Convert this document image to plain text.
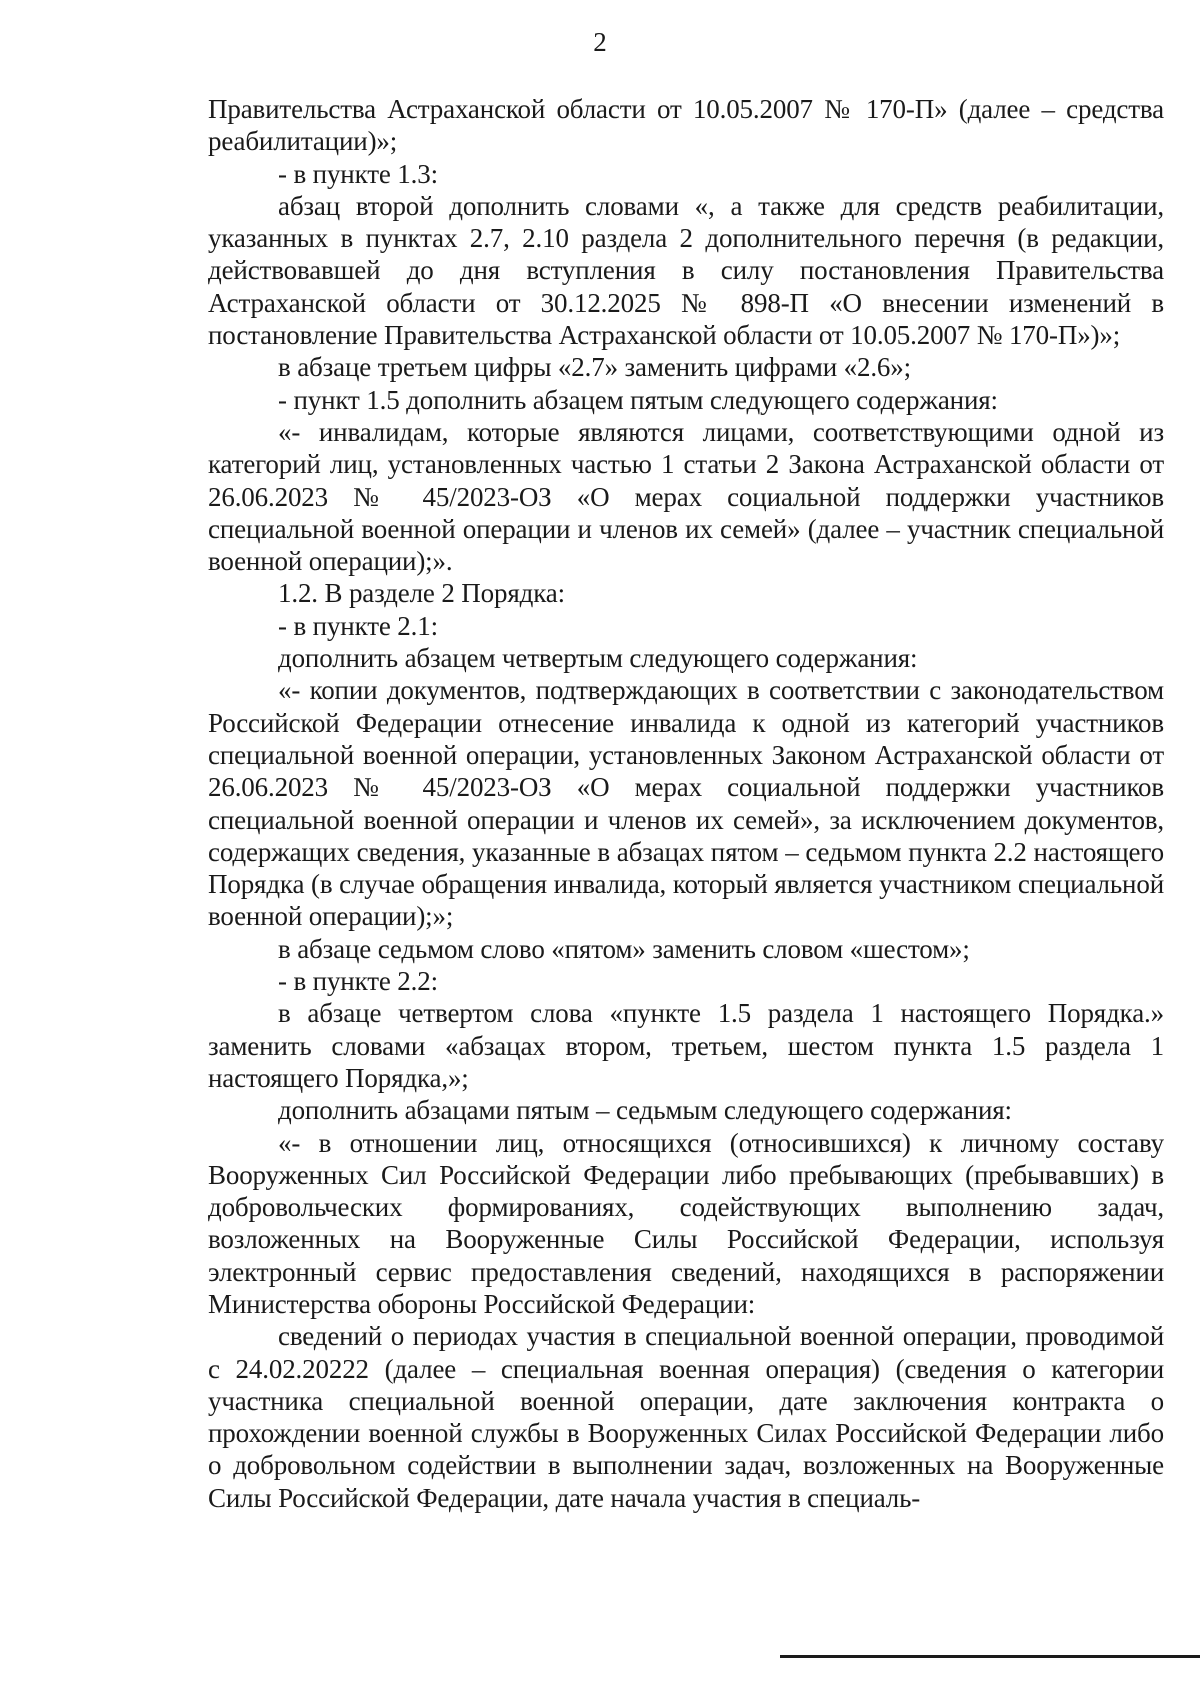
2

Правительства Астраханской области от 10.05.2007 № 170-П» (далее – средства реабилитации)»;

- в пункте 1.3:

абзац второй дополнить словами «, а также для средств реабилитации, указанных в пунктах 2.7, 2.10 раздела 2 дополнительного перечня (в редакции, действовавшей до дня вступления в силу постановления Правительства Астраханской области от 30.12.2025 № 898-П «О внесении изменений в постановление Правительства Астраханской области от 10.05.2007 № 170-П»)»;

в абзаце третьем цифры «2.7» заменить цифрами «2.6»;

- пункт 1.5 дополнить абзацем пятым следующего содержания:

«- инвалидам, которые являются лицами, соответствующими одной из категорий лиц, установленных частью 1 статьи 2 Закона Астраханской области от 26.06.2023 № 45/2023-ОЗ «О мерах социальной поддержки участников специальной военной операции и членов их семей» (далее – участник специальной военной операции);».

1.2. В разделе 2 Порядка:

- в пункте 2.1:

дополнить абзацем четвертым следующего содержания:

«- копии документов, подтверждающих в соответствии с законодательством Российской Федерации отнесение инвалида к одной из категорий участников специальной военной операции, установленных Законом Астраханской области от 26.06.2023 № 45/2023-ОЗ «О мерах социальной поддержки участников специальной военной операции и членов их семей», за исключением документов, содержащих сведения, указанные в абзацах пятом – седьмом пункта 2.2 настоящего Порядка (в случае обращения инвалида, который является участником специальной военной операции);»;

в абзаце седьмом слово «пятом» заменить словом «шестом»;

- в пункте 2.2:

в абзаце четвертом слова «пункте 1.5 раздела 1 настоящего Порядка.» заменить словами «абзацах втором, третьем, шестом пункта 1.5 раздела 1 настоящего Порядка,»;

дополнить абзацами пятым – седьмым следующего содержания:

«- в отношении лиц, относящихся (относившихся) к личному составу Вооруженных Сил Российской Федерации либо пребывающих (пребывавших) в добровольческих формированиях, содействующих выполнению задач, возложенных на Вооруженные Силы Российской Федерации, используя электронный сервис предоставления сведений, находящихся в распоряжении Министерства обороны Российской Федерации:

сведений о периодах участия в специальной военной операции, проводимой с 24.02.20222 (далее – специальная военная операция) (сведения о категории участника специальной военной операции, дате заключения контракта о прохождении военной службы в Вооруженных Силах Российской Федерации либо о добровольном содействии в выполнении задач, возложенных на Вооруженные Силы Российской Федерации, дате начала участия в специаль-
